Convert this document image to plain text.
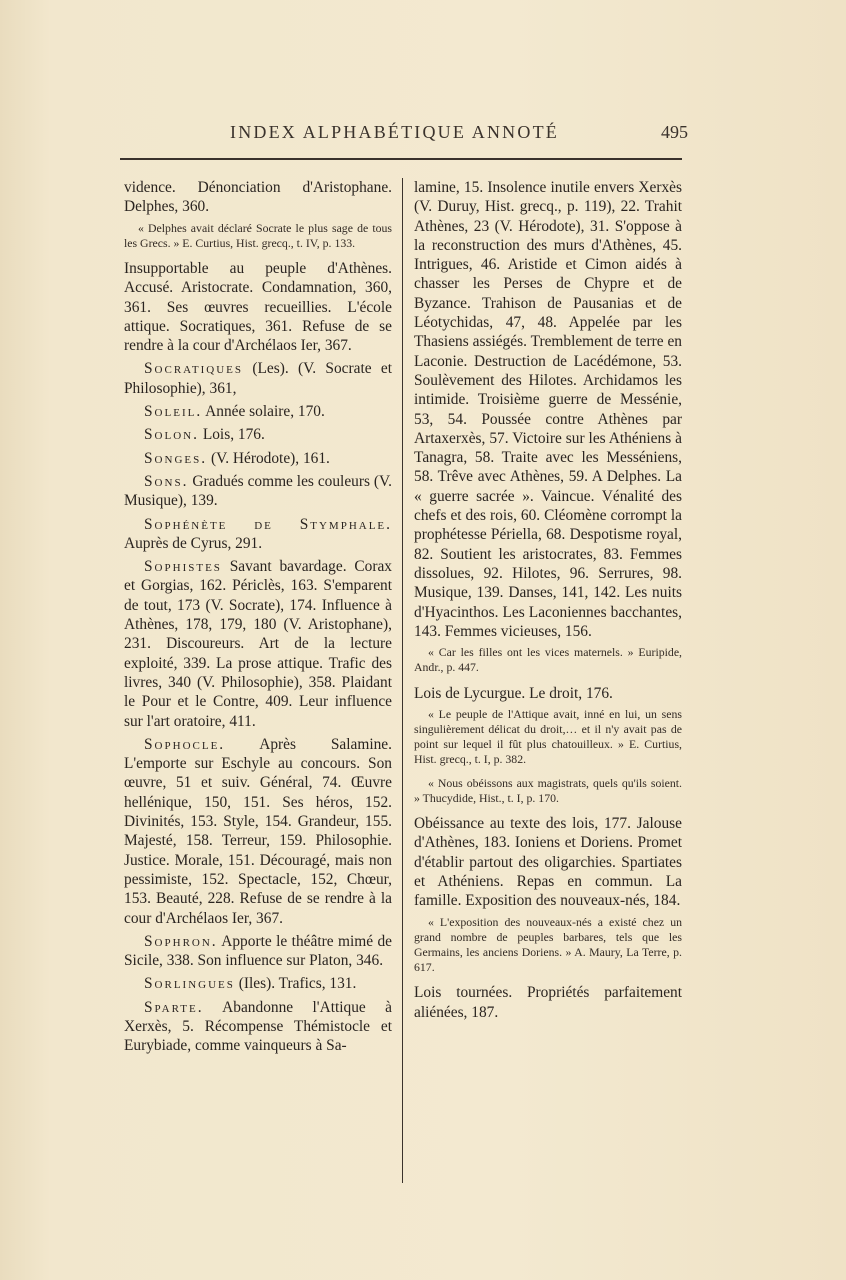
INDEX ALPHABÉTIQUE ANNOTÉ	495

vidence. Dénonciation d'Aristophane. Delphes, 360.

« Delphes avait déclaré Socrate le plus sage de tous les Grecs. » E. Curtius, Hist. grecq., t. IV, p. 133.

Insupportable au peuple d'Athènes. Accusé. Aristocrate. Condamnation, 360, 361. Ses œuvres recueillies. L'école attique. Socratiques, 361. Refuse de se rendre à la cour d'Archélaos Ier, 367.

Socratiques (Les). (V. Socrate et Philosophie), 361,

Soleil. Année solaire, 170.

Solon. Lois, 176.

Songes. (V. Hérodote), 161.

Sons. Gradués comme les couleurs (V. Musique), 139.

Sophénète de Stymphale. Auprès de Cyrus, 291.

Sophistes Savant bavardage. Corax et Gorgias, 162. Périclès, 163. S'emparent de tout, 173 (V. Socrate), 174. Influence à Athènes, 178, 179, 180 (V. Aristophane), 231. Discoureurs. Art de la lecture exploité, 339. La prose attique. Trafic des livres, 340 (V. Philosophie), 358. Plaidant le Pour et le Contre, 409. Leur influence sur l'art oratoire, 411.

Sophocle. Après Salamine. L'emporte sur Eschyle au concours. Son œuvre, 51 et suiv. Général, 74. Œuvre hellénique, 150, 151. Ses héros, 152. Divinités, 153. Style, 154. Grandeur, 155. Majesté, 158. Terreur, 159. Philosophie. Justice. Morale, 151. Découragé, mais non pessimiste, 152. Spectacle, 152, Chœur, 153. Beauté, 228. Refuse de se rendre à la cour d'Archélaos Ier, 367.

Sophron. Apporte le théâtre mimé de Sicile, 338. Son influence sur Platon, 346.

Sorlingues (Iles). Trafics, 131.

Sparte. Abandonne l'Attique à Xerxès, 5. Récompense Thémistocle et Eurybiade, comme vainqueurs à Sa-

lamine, 15. Insolence inutile envers Xerxès (V. Duruy, Hist. grecq., p. 119), 22. Trahit Athènes, 23 (V. Hérodote), 31. S'oppose à la reconstruction des murs d'Athènes, 45. Intrigues, 46. Aristide et Cimon aidés à chasser les Perses de Chypre et de Byzance. Trahison de Pausanias et de Léotychidas, 47, 48. Appelée par les Thasiens assiégés. Tremblement de terre en Laconie. Destruction de Lacédémone, 53. Soulèvement des Hilotes. Archidamos les intimide. Troisième guerre de Messénie, 53, 54. Poussée contre Athènes par Artaxerxès, 57. Victoire sur les Athéniens à Tanagra, 58. Traite avec les Messéniens, 58. Trêve avec Athènes, 59. A Delphes. La « guerre sacrée ». Vaincue. Vénalité des chefs et des rois, 60. Cléomène corrompt la prophétesse Périella, 68. Despotisme royal, 82. Soutient les aristocrates, 83. Femmes dissolues, 92. Hilotes, 96. Serrures, 98. Musique, 139. Danses, 141, 142. Les nuits d'Hyacinthos. Les Laconiennes bacchantes, 143. Femmes vicieuses, 156.

« Car les filles ont les vices maternels. » Euripide, Andr., p. 447.

Lois de Lycurgue. Le droit, 176.

« Le peuple de l'Attique avait, inné en lui, un sens singulièrement délicat du droit,… et il n'y avait pas de point sur lequel il fût plus chatouilleux. » E. Curtius, Hist. grecq., t. I, p. 382.

« Nous obéissons aux magistrats, quels qu'ils soient. » Thucydide, Hist., t. I, p. 170.

Obéissance au texte des lois, 177. Jalouse d'Athènes, 183. Ioniens et Doriens. Promet d'établir partout des oligarchies. Spartiates et Athéniens. Repas en commun. La famille. Exposition des nouveaux-nés, 184.

« L'exposition des nouveaux-nés a existé chez un grand nombre de peuples barbares, tels que les Germains, les anciens Doriens. » A. Maury, La Terre, p. 617.

Lois tournées. Propriétés parfaitement aliénées, 187.
